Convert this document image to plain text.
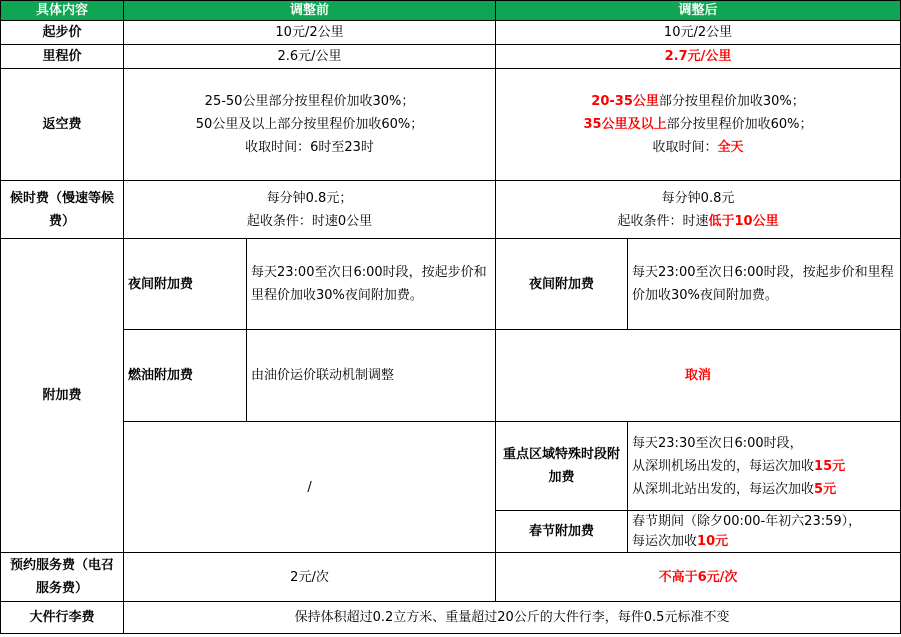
具体内容	调整前		调整后	
起步价	10元/2公里		10元/2公里	
里程价	2.6元/公里		2.7元/公里	
返空费	25-50公里部分按里程价加收30%；
50公里及以上部分按里程价加收60%；
收取时间：6时至23时		20-35公里部分按里程价加收30%；
35公里及以上部分按里程价加收60%；
收取时间：全天	

候时费（慢速等候费）	每分钟0.8元；
起收条件：时速0公里		每分钟0.8元
起收条件：时速低于10公里	

附加费	夜间附加费	每天23:00至次日6:00时段，按起步价和里程价加收30%夜间附加费。	夜间附加费	每天23:00至次日6:00时段，按起步价和里程价加收30%夜间附加费。
	燃油附加费	由油价运价联动机制调整	取消	
	/		重点区域特殊时段附加费	每天23:30至次日6:00时段，
从深圳机场出发的，每运次加收15元
从深圳北站出发的，每运次加收5元

			春节附加费	春节期间（除夕00:00-年初六23:59），
每运次加收10元

预约服务费（电召服务费）	2元/次		不高于6元/次	
大件行李费	保持体积超过0.2立方米、重量超过20公斤的大件行李，每件0.5元标准不变			
